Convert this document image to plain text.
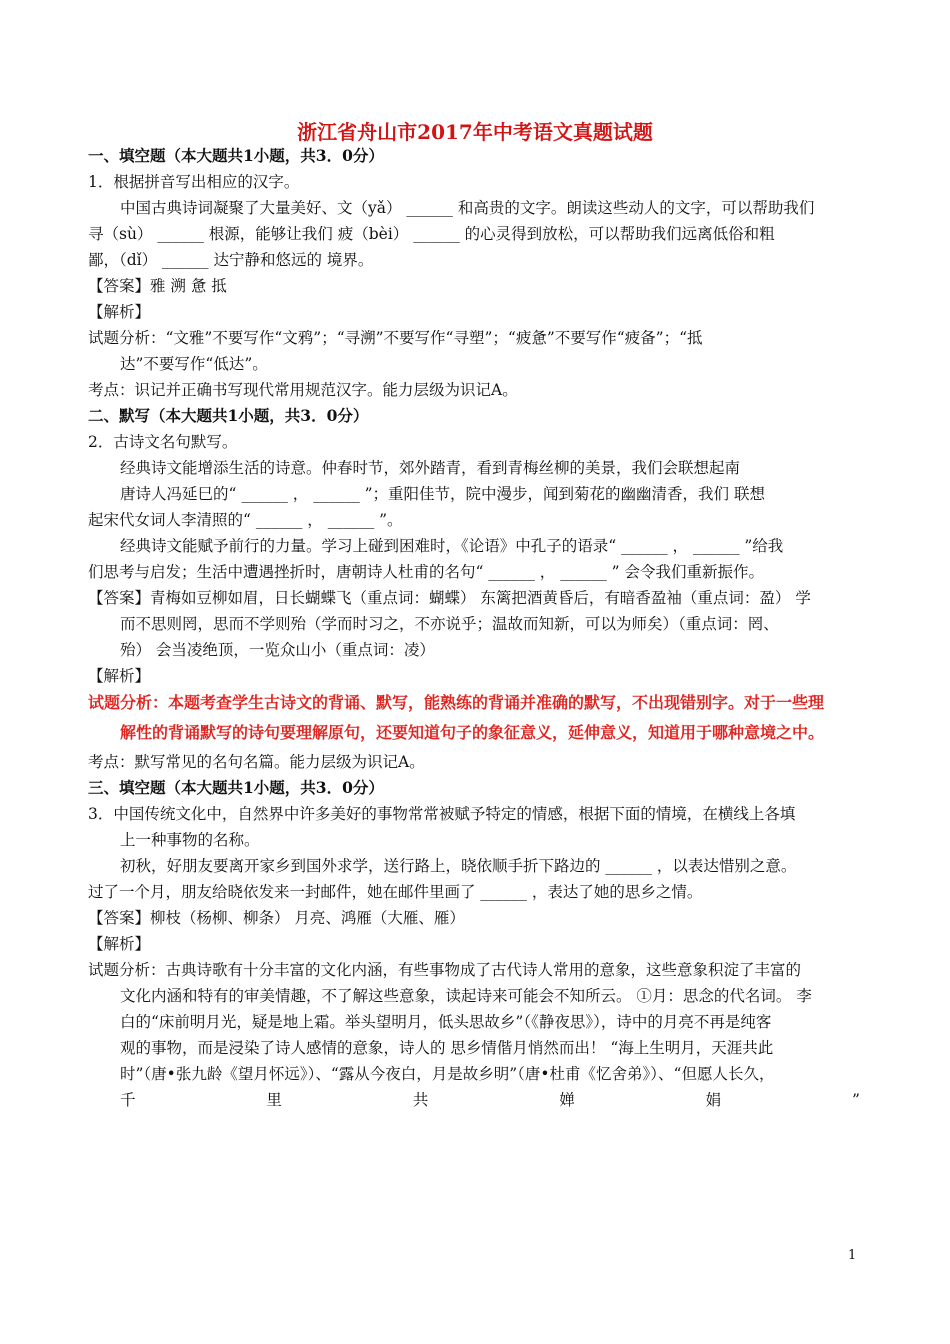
浙江省舟山市2017年中考语文真题试题
一、填空题（本大题共1小题，共3．0分）
1．根据拼音写出相应的汉字。
中国古典诗词凝聚了大量美好、文（yǎ） ______ 和高贵的文字。朗读这些动人的文字，可以帮助我们
寻（sù） ______ 根源，能够让我们 疲（bèi） ______ 的心灵得到放松，可以帮助我们远离低俗和粗
鄙，（dǐ） ______ 达宁静和悠远的 境界。
【答案】雅 溯 惫 抵
【解析】
试题分析：“文雅”不要写作“文鸦”；“寻溯”不要写作“寻塑”；“疲惫”不要写作“疲备”；“抵
达”不要写作“低达”。
考点：识记并正确书写现代常用规范汉字。能力层级为识记A。
二、默写（本大题共1小题，共3．0分）
2．古诗文名句默写。
经典诗文能增添生活的诗意。仲春时节，郊外踏青，看到青梅丝柳的美景，我们会联想起南
唐诗人冯延巳的“ ______ ， ______ ”；重阳佳节，院中漫步，闻到菊花的幽幽清香，我们 联想
起宋代女词人李清照的“ ______ ， ______ ”。
经典诗文能赋予前行的力量。学习上碰到困难时，《论语》中孔子的语录“ ______ ， ______ ”给我
们思考与启发；生活中遭遇挫折时，唐朝诗人杜甫的名句“ ______ ， ______ ” 会令我们重新振作。
【答案】青梅如豆柳如眉，日长蝴蝶飞（重点词：蝴蝶） 东篱把酒黄昏后，有暗香盈袖（重点词：盈） 学
而不思则罔，思而不学则殆（学而时习之，不亦说乎；温故而知新，可以为师矣）（重点词：罔、
殆） 会当凌绝顶，一览众山小（重点词：凌）
【解析】
试题分析：本题考查学生古诗文的背诵、默写，能熟练的背诵并准确的默写，不出现错别字。对于一些理
解性的背诵默写的诗句要理解原句，还要知道句子的象征意义，延伸意义，知道用于哪种意境之中。
考点：默写常见的名句名篇。能力层级为识记A。
三、填空题（本大题共1小题，共3．0分）
3．中国传统文化中，自然界中许多美好的事物常常被赋予特定的情感，根据下面的情境，在横线上各填
上一种事物的名称。
初秋，好朋友要离开家乡到国外求学，送行路上，晓依顺手折下路边的 ______ ，以表达惜别之意。
过了一个月，朋友给晓依发来一封邮件，她在邮件里画了 ______ ，表达了她的思乡之情。
【答案】柳枝（杨柳、柳条） 月亮、鸿雁（大雁、雁）
【解析】
试题分析：古典诗歌有十分丰富的文化内涵，有些事物成了古代诗人常用的意象，这些意象积淀了丰富的
文化内涵和特有的审美情趣，不了解这些意象，读起诗来可能会不知所云。 ①月：思念的代名词。 李
白的“床前明月光，疑是地上霜。举头望明月，低头思故乡”（《静夜思》），诗中的月亮不再是纯客
观的事物，而是浸染了诗人感情的意象，诗人的 思乡情偕月悄然而出！ “海上生明月，天涯共此
时”（唐•张九龄《望月怀远》）、“露从今夜白，月是故乡明”（唐•杜甫《忆舍弟》）、“但愿人长久，
千	里	共	婵	娟	”
1
